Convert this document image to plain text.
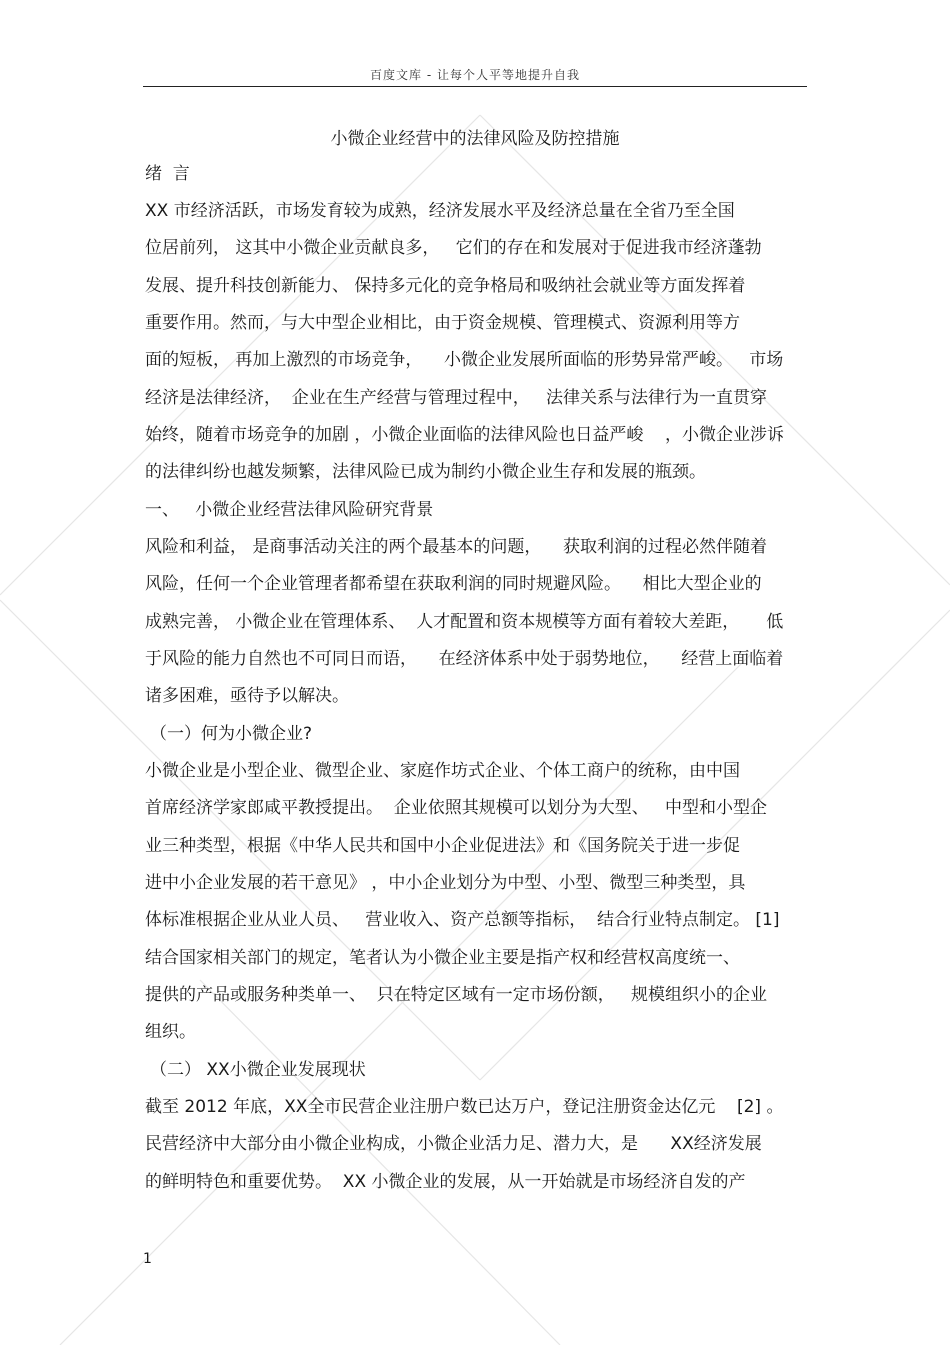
百度文库 - 让每个人平等地提升自我
小微企业经营中的法律风险及防控措施
绪  言
XX 市经济活跃，市场发育较为成熟，经济发展水平及经济总量在全省乃至全国
位居前列， 这其中小微企业贡献良多，   它们的存在和发展对于促进我市经济蓬勃
发展、提升科技创新能力、 保持多元化的竞争格局和吸纳社会就业等方面发挥着
重要作用。然而，与大中型企业相比，由于资金规模、管理模式、资源利用等方
面的短板， 再加上激烈的市场竞争，    小微企业发展所面临的形势异常严峻。   市场
经济是法律经济，  企业在生产经营与管理过程中，   法律关系与法律行为一直贯穿
始终，随着市场竞争的加剧 ，小微企业面临的法律风险也日益严峻    ，小微企业涉诉
的法律纠纷也越发频繁，法律风险已成为制约小微企业生存和发展的瓶颈。
一、   小微企业经营法律风险研究背景
风险和利益， 是商事活动关注的两个最基本的问题，    获取利润的过程必然伴随着
风险，任何一个企业管理者都希望在获取利润的同时规避风险。    相比大型企业的
成熟完善， 小微企业在管理体系、  人才配置和资本规模等方面有着较大差距，     低
于风险的能力自然也不可同日而语，    在经济体系中处于弱势地位，    经营上面临着
诸多困难，亟待予以解决。
（一）何为小微企业?
小微企业是小型企业、微型企业、家庭作坊式企业、个体工商户的统称，由中国
首席经济学家郎咸平教授提出。  企业依照其规模可以划分为大型、   中型和小型企
业三种类型，根据《中华人民共和国中小企业促进法》和《国务院关于进一步促
进中小企业发展的若干意见》 ，中小企业划分为中型、小型、微型三种类型，具
体标准根据企业从业人员、   营业收入、资产总额等指标，  结合行业特点制定。 [1]
结合国家相关部门的规定，笔者认为小微企业主要是指产权和经营权高度统一、
提供的产品或服务种类单一、  只在特定区域有一定市场份额，   规模组织小的企业
组织。
（二） XX小微企业发展现状
截至 2012 年底，XX全市民营企业注册户数已达万户，登记注册资金达亿元    [2] 。
民营经济中大部分由小微企业构成，小微企业活力足、潜力大，是      XX经济发展
的鲜明特色和重要优势。  XX 小微企业的发展，从一开始就是市场经济自发的产
1
